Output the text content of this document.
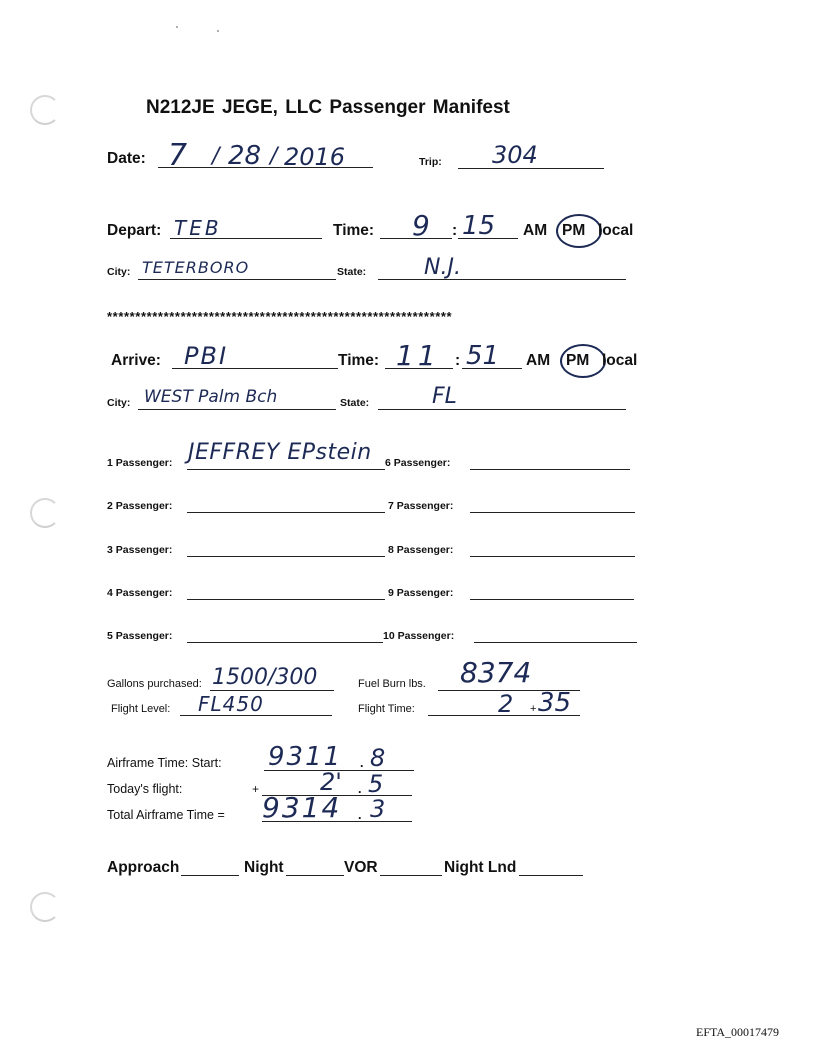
N212JE JEGE, LLC Passenger Manifest
Date: 7 / 28 / 2016	Trip: 304
Depart: TEB	Time: 9 : 15 AM PM local
City: TETERBORO	State:	N.J.
*************************************************************
Arrive: PBI	Time: 11 : 51 AM PM local
City: WEST Palm Bch	State:	FL
1 Passenger: JEFFREY EPstein 6 Passenger:
2 Passenger:	7 Passenger:
3 Passenger:	8 Passenger:
4 Passenger:	9 Passenger:
5 Passenger:	10 Passenger:
Gallons purchased: 1500/300	Fuel Burn lbs. 8374
Flight Level: FL450	Flight Time:	2 + 35
Airframe Time: Start: 9311 . 8
Today's flight:	+	2' . 5
Total Airframe Time = 9314 . 3
Approach	Night	VOR	Night Lnd
EFTA_00017479
